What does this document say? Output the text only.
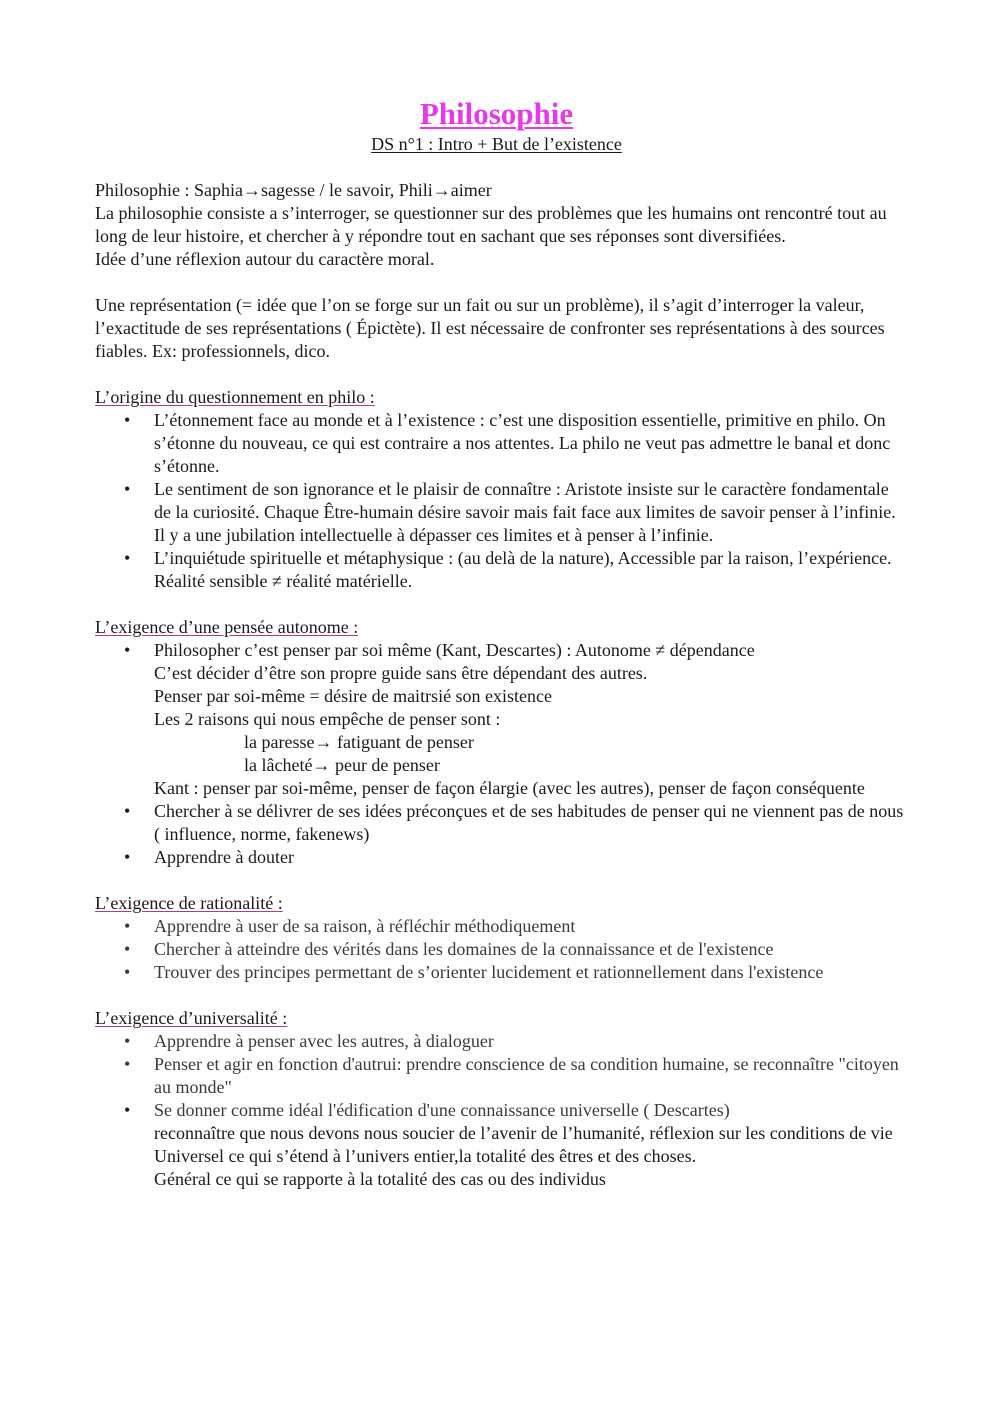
Philosophie
DS n°1 : Intro + But de l’existence

Philosophie : Saphia→sagesse / le savoir, Phili→aimer

La philosophie consiste a s’interroger, se questionner sur des problèmes que les humains ont rencontré tout au long de leur histoire, et chercher à y répondre tout en sachant que ses réponses sont diversifiées.

Idée d’une réflexion autour du caractère moral.

Une représentation (= idée que l’on se forge sur un fait ou sur un problème), il s’agit d’interroger la valeur, l’exactitude de ses représentations ( Épictète). Il est nécessaire de confronter ses représentations à des sources fiables. Ex: professionnels, dico.

L’origine du questionnement en philo :

• L’étonnement face au monde et à l’existence : c’est une disposition essentielle, primitive en philo. On s’étonne du nouveau, ce qui est contraire a nos attentes. La philo ne veut pas admettre le banal et donc s’étonne.
• Le sentiment de son ignorance et le plaisir de connaître : Aristote insiste sur le caractère fondamentale de la curiosité. Chaque Être-humain désire savoir mais fait face aux limites de savoir penser à l’infinie. Il y a une jubilation intellectuelle à dépasser ces limites et à penser à l’infinie.
• L’inquiétude spirituelle et métaphysique : (au delà de la nature), Accessible par la raison, l’expérience. Réalité sensible ≠ réalité matérielle.

L’exigence d’une pensée autonome :

• Philosopher c’est penser par soi même (Kant, Descartes) : Autonome ≠ dépendance
C’est décider d’être son propre guide sans être dépendant des autres.
Penser par soi-même = désire de maitrsié son existence
Les 2 raisons qui nous empêche de penser sont :
la paresse→ fatiguant de penser
la lâcheté→ peur de penser
Kant : penser par soi-même, penser de façon élargie (avec les autres), penser de façon conséquente
• Chercher à se délivrer de ses idées préconçues et de ses habitudes de penser qui ne viennent pas de nous ( influence, norme, fakenews)
• Apprendre à douter

L’exigence de rationalité :

• Apprendre à user de sa raison, à réfléchir méthodiquement
• Chercher à atteindre des vérités dans les domaines de la connaissance et de l'existence
• Trouver des principes permettant de s’orienter lucidement et rationnellement dans l'existence

L’exigence d’universalité :

• Apprendre à penser avec les autres, à dialoguer
• Penser et agir en fonction d'autrui: prendre conscience de sa condition humaine, se reconnaître "citoyen au monde"
• Se donner comme idéal l'édification d'une connaissance universelle ( Descartes)
reconnaître que nous devons nous soucier de l’avenir de l’humanité, réflexion sur les conditions de vie
Universel ce qui s’étend à l’univers entier,la totalité des êtres et des choses.
Général ce qui se rapporte à la totalité des cas ou des individus
